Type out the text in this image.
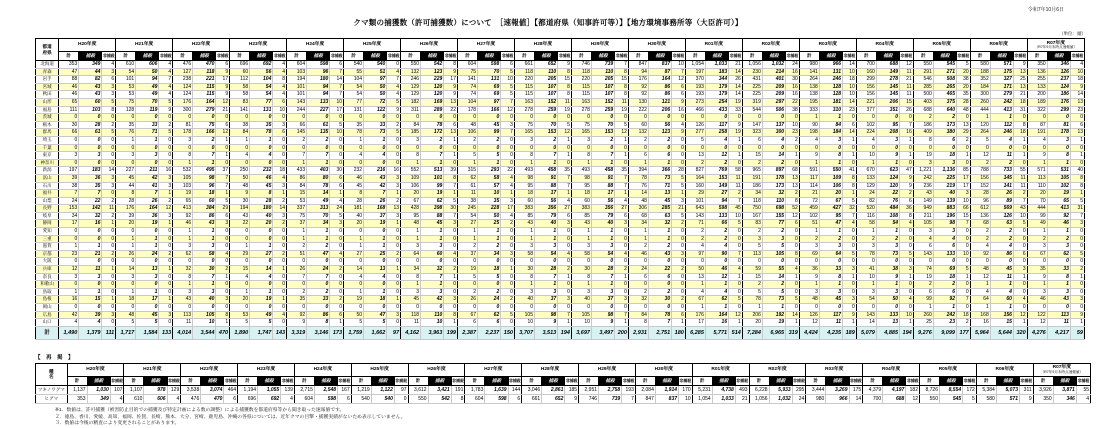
令和7年10月6日
クマ類の捕獲数（許可捕獲数）について　［速報値］【都道府県（知事許可等）】【地方環境事務所等（大臣許可）】
（単位：頭）
都道
府県	H20年度			H21年度			H22年度			H23年度			H24年度			H25年度			H26年度			H27年度			H28年度			H29年度			H30年度			R01年度			R02年度			R03年度			R04年度			R05年度			R06年度			R07年度
（R7年9月末時点速報値）		

	計	捕殺	非捕殺	計	捕殺	非捕殺	計	捕殺	非捕殺	計	捕殺	非捕殺	計	捕殺	非捕殺	計	捕殺	非捕殺	計	捕殺	非捕殺	計	捕殺	非捕殺	計	捕殺	非捕殺	計	捕殺	非捕殺	計	捕殺	非捕殺	計	捕殺	非捕殺	計	捕殺	非捕殺	計	捕殺	非捕殺	計	捕殺	非捕殺	計	捕殺	非捕殺	計	捕殺	非捕殺	計	捕殺	非捕殺
北海道	353	349	4	610	606	4	476	470	6	696	692	4	604	598	6	540	540	0	550	542	8	604	598	6	661	652	9	746	739	7	847	837	10	1,054	1,033	21	1,056	1,032	24	980	966	14	700	688	12	550	545	5	580	571	9	350	346	4
青森	47	44	3	54	50	4	127	118	9	60	56	4	103	96	7	55	51	4	132	123	9	75	70	5	118	110	8	118	110	8	94	87	7	197	183	14	230	214	16	141	131	10	160	149	11	291	271	20	188	175	13	136	126	10
岩手	88	82	6	101	94	7	238	221	17	112	104	8	194	180	14	104	97	7	246	229	17	141	131	10	220	205	15	220	205	15	176	164	12	370	344	26	431	401	30	264	246	18	299	278	21	546	508	38	352	327	25	255	237	18
宮城	46	43	3	53	49	4	124	115	9	58	54	4	101	94	7	54	50	4	129	120	9	74	69	5	115	107	8	115	107	8	92	86	6	193	179	14	225	209	16	138	128	10	156	145	11	285	265	20	184	171	13	133	124	9
秋田	46	43	3	53	49	4	124	115	9	58	54	4	101	94	7	54	50	4	129	120	9	74	69	5	115	107	8	115	107	8	92	86	6	193	179	14	225	209	16	138	128	10	156	145	11	500	465	35	300	279	21	200	186	14
山形	65	60	5	75	70	5	176	164	12	83	77	6	143	133	10	77	72	5	182	169	13	104	97	7	163	152	11	163	152	11	130	121	9	273	254	19	319	297	22	195	181	14	221	206	15	403	375	28	260	242	18	189	176	13
福島	111	103	8	128	119	9	300	279	21	141	131	10	244	227	17	131	122	9	311	289	22	178	166	12	278	259	19	278	259	19	222	206	16	466	433	33	544	506	38	333	310	23	377	351	26	688	640	48	444	413	31	322	299	23
茨城	0	0	0	0	0	0	0	0	0	0	0	0	0	0	0	0	0	0	0	0	0	0	0	0	0	0	0	0	0	0	0	0	0	0	0	0	0	0	0	1	1	0	0	0	0	2	2	0	1	1	0	0	0	0
栃木	30	28	2	35	33	2	81	75	6	38	35	3	66	61	5	35	33	2	84	78	6	48	45	3	75	70	5	75	70	5	60	56	4	126	117	9	147	137	10	90	84	6	102	95	7	186	173	13	120	112	8	87	81	6
群馬	66	61	5	76	71	5	178	166	12	84	78	6	145	135	10	78	73	5	185	172	13	106	99	7	165	153	12	165	153	12	132	123	9	277	258	19	323	300	23	198	184	14	224	208	16	409	380	29	264	246	18	191	178	13
埼玉	0	0	0	1	1	0	3	2	1	1	1	0	2	2	0	1	1	0	3	2	1	2	2	0	3	2	1	3	2	1	2	2	0	5	4	1	6	4	2	4	3	1	4	3	1	8	6	2	5	4	1	4	3	1
千葉	0	0	0	0	0	0	0	0	0	0	0	0	0	0	0	0	0	0	0	0	0	0	0	0	0	0	0	0	0	0	0	0	0	0	0	0	0	0	0	0	0	0	0	0	0	0	0	0	0	0	0	0	0	0
東京	3	3	0	3	3	0	8	7	1	4	4	0	7	7	0	4	4	0	8	7	1	5	5	0	8	7	1	8	7	1	6	6	0	13	12	1	15	14	1	9	8	1	10	9	1	19	18	1	12	11	1	9	8	1
神奈川	0	0	0	0	0	0	1	1	0	0	0	0	1	1	0	0	0	0	1	1	0	1	1	0	1	1	0	1	1	0	1	1	0	2	2	0	2	2	0	1	1	0	1	1	0	3	3	0	2	2	0	1	1	0
新潟	197	183	14	227	211	16	532	495	37	250	232	18	433	403	30	232	216	16	552	513	39	315	293	22	493	458	35	493	458	35	394	366	28	827	769	58	965	897	68	591	550	41	670	623	47	1,221	1,136	85	788	733	55	571	531	40
富山	39	36	3	45	42	3	105	98	7	50	46	4	86	80	6	46	43	3	109	101	8	62	58	4	98	91	7	98	91	7	78	73	5	164	153	11	191	178	13	117	109	8	133	124	9	242	225	17	156	145	11	113	105	8
石川	38	35	3	44	41	3	103	96	7	48	45	3	84	78	6	45	42	3	106	99	7	61	57	4	95	88	7	95	88	7	76	71	5	160	149	11	186	173	13	114	106	8	129	120	9	236	219	17	152	141	11	110	102	8
福井	7	7	0	8	7	1	19	18	1	9	8	1	15	14	1	8	7	1	20	19	1	11	10	1	18	17	1	18	17	1	14	13	1	29	27	2	34	32	2	21	20	1	24	22	2	43	40	3	28	26	2	20	19	1
山梨	24	22	2	28	26	2	65	60	5	30	28	2	53	49	4	28	26	2	67	62	5	38	35	3	60	56	4	60	56	4	48	45	3	101	94	7	118	110	8	72	67	5	82	76	6	149	139	10	96	89	7	70	65	5
長野	153	142	11	176	164	12	413	384	29	194	180	14	337	313	24	181	168	13	428	398	30	245	228	17	383	356	27	383	356	27	306	285	21	643	598	45	750	698	52	459	427	32	520	484	36	949	883	66	612	569	43	444	413	31
岐阜	34	32	2	39	36	3	92	86	6	43	40	3	75	70	5	40	37	3	95	88	7	54	50	4	85	79	6	85	79	6	68	63	5	143	133	10	167	155	12	102	95	7	116	108	8	211	196	15	136	126	10	99	92	7
静岡	17	16	1	20	19	1	46	43	3	22	20	2	37	34	3	20	19	1	48	45	3	27	25	2	43	40	3	43	40	3	34	32	2	71	66	5	83	77	6	51	47	4	58	54	4	105	98	7	68	63	5	49	46	3
愛知	0	0	0	0	0	0	1	1	0	0	0	0	1	1	0	0	0	0	1	1	0	1	1	0	1	1	0	1	1	0	1	1	0	2	2	0	2	2	0	1	1	0	1	1	0	3	3	0	2	2	0	1	1	0
三重	0	0	0	1	1	0	1	1	0	0	0	0	1	1	0	1	1	0	1	1	0	1	1	0	1	1	0	1	1	0	1	1	0	2	2	0	3	3	0	2	2	0	2	2	0	4	4	0	2	2	0	2	2	0
滋賀	1	1	0	1	1	0	3	3	0	1	1	0	2	2	0	1	1	0	3	3	0	2	2	0	3	3	0	3	3	0	2	2	0	4	4	0	5	5	0	3	3	0	3	3	0	6	6	0	4	4	0	3	3	0
京都	23	21	2	26	24	2	62	58	4	29	27	2	51	47	4	27	25	2	64	60	4	37	34	3	58	54	4	58	54	4	46	43	3	97	90	7	113	105	8	69	64	5	78	73	5	143	133	10	92	86	6	67	62	5
大阪	0	0	0	0	0	0	0	0	0	0	0	0	0	0	0	0	0	0	0	0	0	0	0	0	0	0	0	0	0	0	0	0	0	0	0	0	0	0	0	0	0	0	0	0	0	0	0	0	0	0	0	0	0	0
兵庫	12	11	1	14	13	1	32	30	2	15	14	1	26	24	2	14	13	1	34	32	2	19	18	1	30	28	2	30	28	2	24	22	2	50	46	4	59	55	4	36	33	3	41	38	3	74	69	5	48	45	3	35	33	2
奈良	3	3	0	3	3	0	8	7	1	4	4	0	7	7	0	4	4	0	8	7	1	5	5	0	8	7	1	8	7	1	6	6	0	13	12	1	15	14	1	9	8	1	10	9	1	19	18	1	12	11	1	9	8	1
和歌山	0	0	0	0	0	0	1	1	0	0	0	0	0	0	0	0	0	0	1	1	0	0	0	0	1	1	0	1	1	0	0	0	0	1	1	0	2	2	0	1	1	0	1	1	0	2	2	0	1	1	0	1	1	0
鳥取	1	1	0	1	1	0	3	3	0	1	1	0	2	2	0	1	1	0	3	3	0	2	2	0	3	3	0	3	3	0	2	2	0	4	4	0	5	5	0	3	3	0	3	3	0	6	6	0	4	4	0	3	3	0
島根	16	15	1	18	17	1	43	40	3	20	19	1	35	33	2	19	18	1	45	42	3	26	24	2	40	37	3	40	37	3	32	30	2	67	62	5	78	73	5	48	45	3	54	50	4	99	92	7	64	60	4	46	43	3
岡山	0	0	0	0	0	0	0	0	0	0	0	0	0	0	0	0	0	0	0	0	0	0	0	0	0	0	0	0	0	0	0	0	0	1	1	0	1	1	0	0	0	0	0	0	0	1	1	0	1	1	0	0	0	0
広島	42	39	3	48	45	3	113	105	8	53	49	4	92	86	6	50	47	3	118	110	8	67	62	5	105	98	7	105	98	7	84	78	6	176	164	12	206	192	14	126	117	9	143	133	10	260	242	18	168	156	12	122	113	9
山口	4	4	0	5	5	0	11	10	1	5	5	0	9	8	1	5	5	0	11	10	1	6	6	0	10	9	1	10	9	1	8	7	1	17	16	1	20	19	1	12	11	1	14	13	1	25	23	2	16	15	1	12	11	1
計	1,490	1,379	111	1,717	1,584	133	4,014	3,544	470	1,890	1,747	143	3,319	3,146	173	1,759	1,662	97	4,162	3,963	199	2,387	2,237	150	3,707	3,513	194	3,697	3,497	200	2,931	2,751	180	6,285	5,771	514	7,284	6,965	319	4,424	4,235	189	5,079	4,885	194	9,276	9,099	177	5,964	5,644	320	4,276	4,217	59
【　再　掲　】
種
名	H20年度			H21年度			H22年度			H23年度			H24年度			H25年度			H26年度			H27年度			H28年度			H29年度			H30年度			R01年度			R02年度			R03年度			R04年度			R05年度			R06年度			R07年度
（R7年9月末時点速報値）		

	計	捕殺	非捕殺	計	捕殺	非捕殺	計	捕殺	非捕殺	計	捕殺	非捕殺	計	捕殺	非捕殺	計	捕殺	非捕殺	計	捕殺	非捕殺	計	捕殺	非捕殺	計	捕殺	非捕殺	計	捕殺	非捕殺	計	捕殺	非捕殺	計	捕殺	非捕殺	計	捕殺	非捕殺	計	捕殺	非捕殺	計	捕殺	非捕殺	計	捕殺	非捕殺	計	捕殺	非捕殺	計	捕殺	非捕殺
ツキノワグマ	1,137	1,030	107	1,107	978	129	3,538	3,074	464	1,194	1,055	139	2,715	2,548	167	1,219	1,122	97	3,612	3,421	191	1,783	1,639	144	3,046	2,861	185	2,951	2,758	193	2,084	1,914	170	5,231	4,738	493	6,228	5,933	295	3,444	3,269	175	4,379	4,197	182	8,726	8,554	172	5,384	5,073	311	3,926	3,871	55
ヒグマ	353	349	4	610	606	4	476	470	6	696	692	4	604	598	6	540	540	0	550	542	8	604	598	6	661	652	9	746	739	7	847	837	10	1,054	1,033	21	1,056	1,032	24	980	966	14	700	688	12	550	545	5	580	571	9	350	346	4
※1．数値は、許可捕獲（被害防止目的での捕獲及び特定計画による数の調整）による捕獲数を都道府県等から聞き取った速報値です。
２．徳島、香川、愛媛、高知、福岡、佐賀、長崎、熊本、大分、宮崎、鹿児島、沖縄の各県については、近年クマの目撃・捕獲実績がないため表示していません。
３．数値は今後の精査により変更されることがあります。
